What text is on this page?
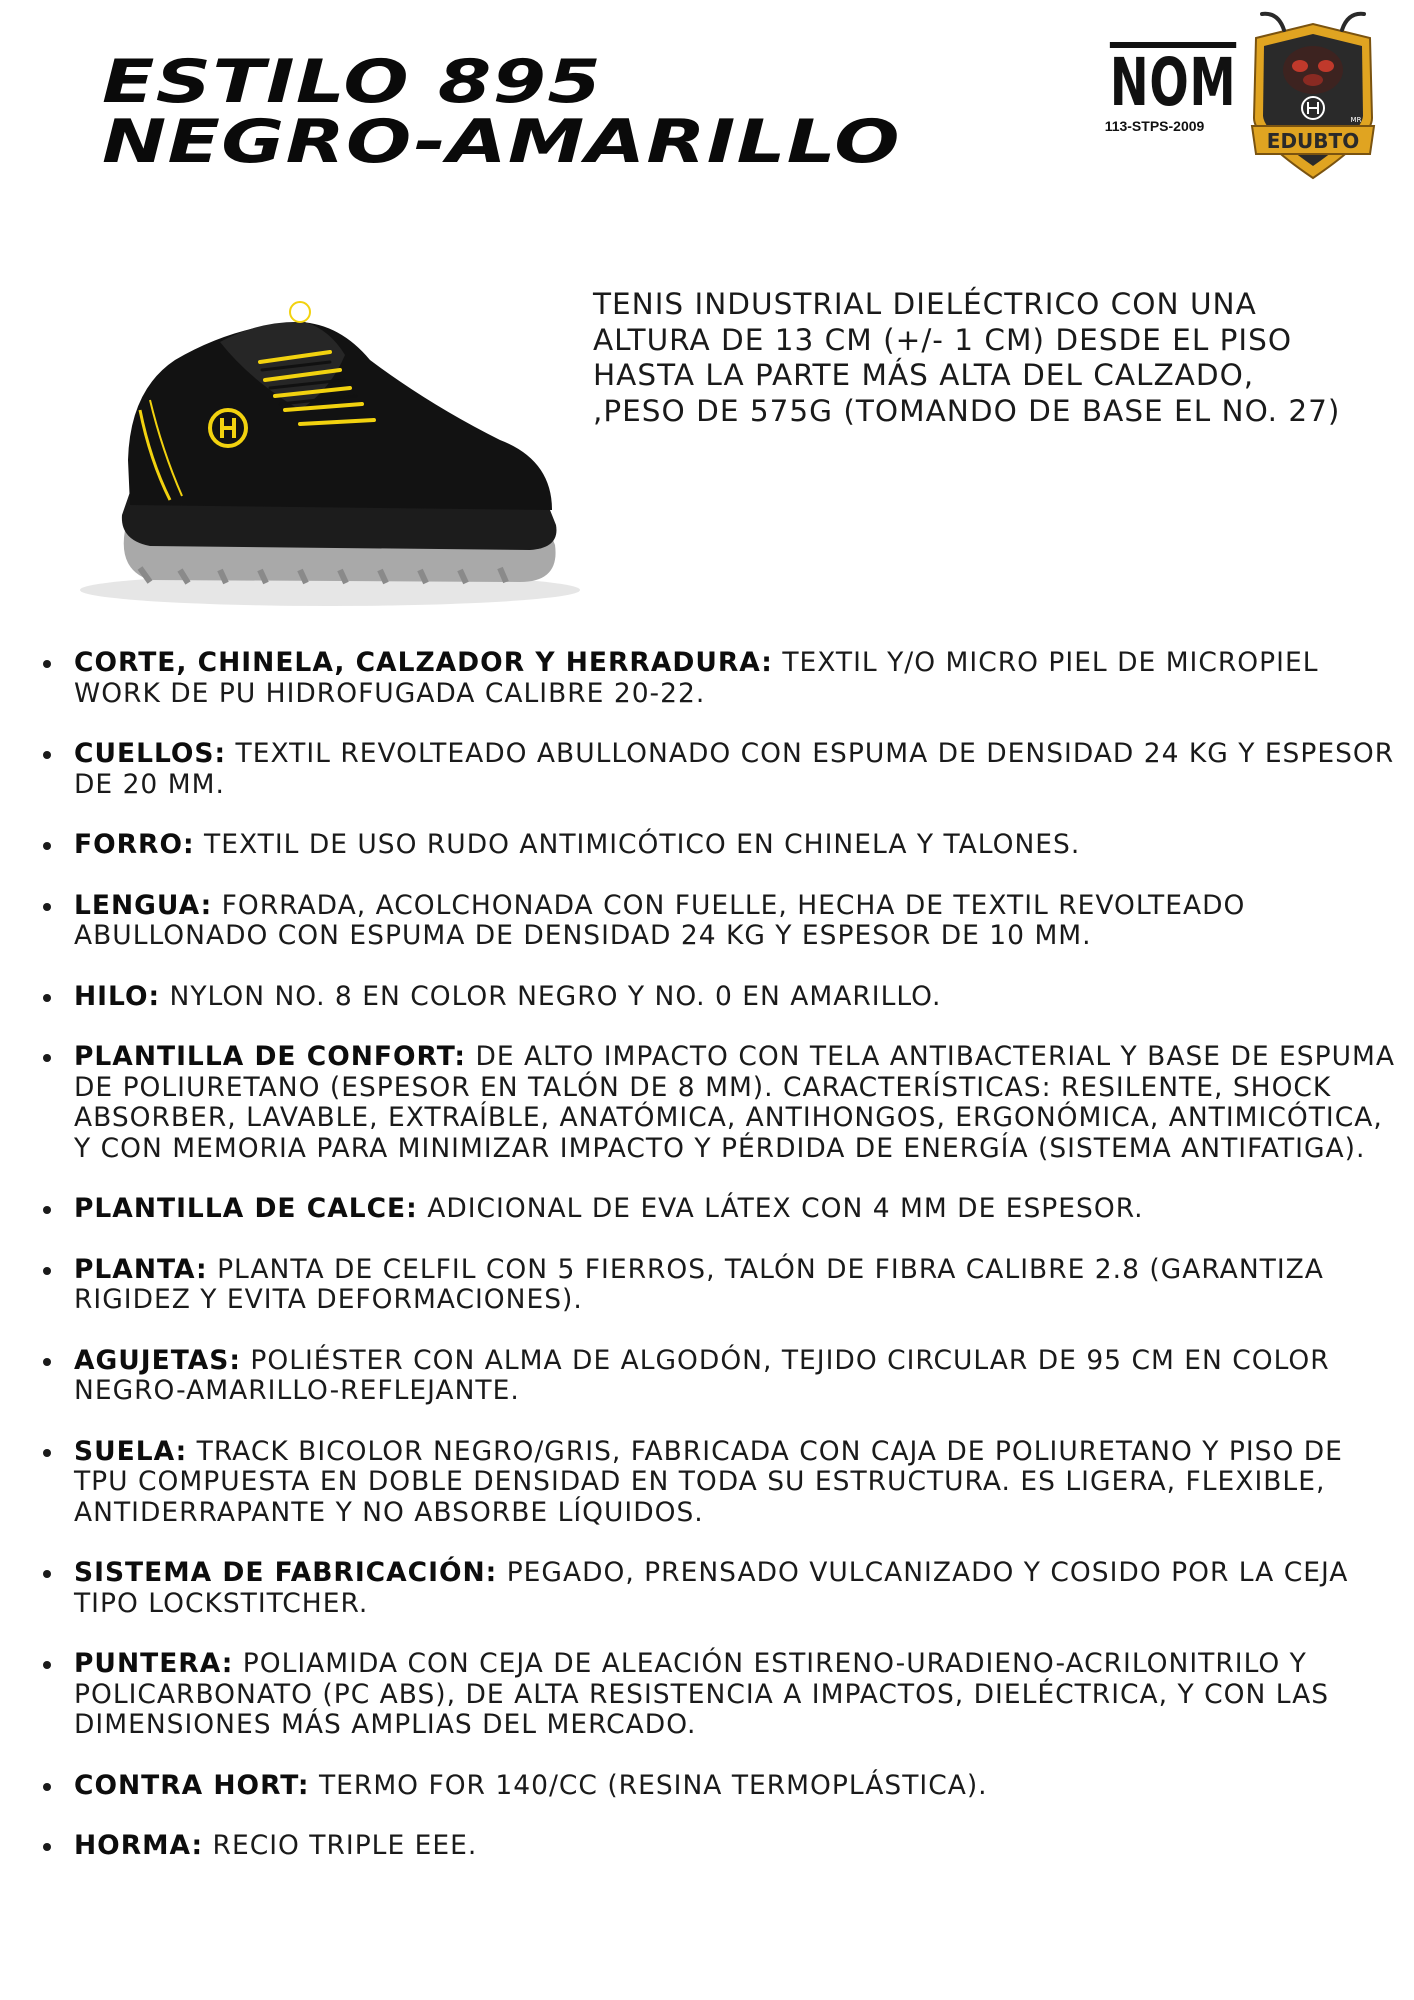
ESTILO 895
NEGRO-AMARILLO
NOM
113-STPS-2009
EDUBTO
MR

TENIS INDUSTRIAL DIELÉCTRICO CON UNA ALTURA DE 13 CM (+/- 1 CM) DESDE EL PISO HASTA LA PARTE MÁS ALTA DEL CALZADO, ,PESO DE 575G (TOMANDO DE BASE EL NO. 27)

CORTE, CHINELA, CALZADOR Y HERRADURA: TEXTIL Y/O MICRO PIEL DE MICROPIEL WORK DE PU HIDROFUGADA CALIBRE 20-22.
CUELLOS: TEXTIL REVOLTEADO ABULLONADO CON ESPUMA DE DENSIDAD 24 KG Y ESPESOR DE 20 MM.
FORRO: TEXTIL DE USO RUDO ANTIMICÓTICO EN CHINELA Y TALONES.
LENGUA: FORRADA, ACOLCHONADA CON FUELLE, HECHA DE TEXTIL REVOLTEADO ABULLONADO CON ESPUMA DE DENSIDAD 24 KG Y ESPESOR DE 10 MM.
HILO: NYLON NO. 8 EN COLOR NEGRO Y NO. 0 EN AMARILLO.
PLANTILLA DE CONFORT: DE ALTO IMPACTO CON TELA ANTIBACTERIAL Y BASE DE ESPUMA DE POLIURETANO (ESPESOR EN TALÓN DE 8 MM). CARACTERÍSTICAS: RESILENTE, SHOCK ABSORBER, LAVABLE, EXTRAÍBLE, ANATÓMICA, ANTIHONGOS, ERGONÓMICA, ANTIMICÓTICA, Y CON MEMORIA PARA MINIMIZAR IMPACTO Y PÉRDIDA DE ENERGÍA (SISTEMA ANTIFATIGA).
PLANTILLA DE CALCE: ADICIONAL DE EVA LÁTEX CON 4 MM DE ESPESOR.
PLANTA: PLANTA DE CELFIL CON 5 FIERROS, TALÓN DE FIBRA CALIBRE 2.8 (GARANTIZA RIGIDEZ Y EVITA DEFORMACIONES).
AGUJETAS: POLIÉSTER CON ALMA DE ALGODÓN, TEJIDO CIRCULAR DE 95 CM EN COLOR NEGRO-AMARILLO-REFLEJANTE.
SUELA: TRACK BICOLOR NEGRO/GRIS, FABRICADA CON CAJA DE POLIURETANO Y PISO DE TPU COMPUESTA EN DOBLE DENSIDAD EN TODA SU ESTRUCTURA. ES LIGERA, FLEXIBLE, ANTIDERRAPANTE Y NO ABSORBE LÍQUIDOS.
SISTEMA DE FABRICACIÓN: PEGADO, PRENSADO VULCANIZADO Y COSIDO POR LA CEJA TIPO LOCKSTITCHER.
PUNTERA: POLIAMIDA CON CEJA DE ALEACIÓN ESTIRENO-URADIENO-ACRILONITRILO Y POLICARBONATO (PC ABS), DE ALTA RESISTENCIA A IMPACTOS, DIELÉCTRICA, Y CON LAS DIMENSIONES MÁS AMPLIAS DEL MERCADO.
CONTRA HORT: TERMO FOR 140/CC (RESINA TERMOPLÁSTICA).
HORMA: RECIO TRIPLE EEE.
